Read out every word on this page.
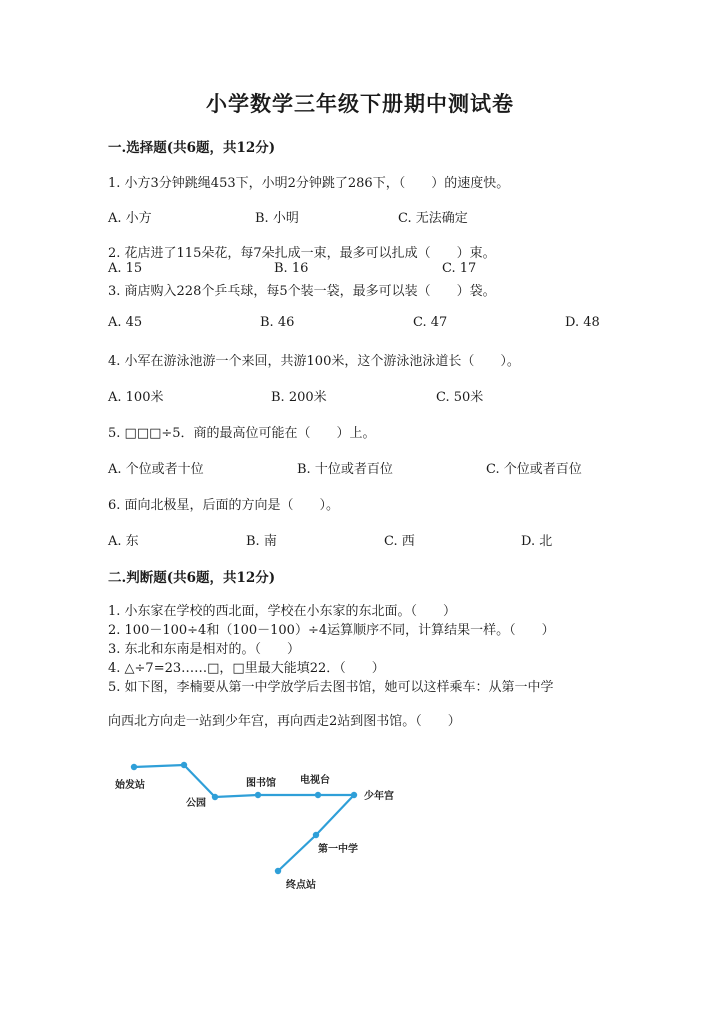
小学数学三年级下册期中测试卷
一.选择题(共6题，共12分)
1. 小方3分钟跳绳453下，小明2分钟跳了286下，（　　）的速度快。
A. 小方	B. 小明	C. 无法确定
2. 花店进了115朵花，每7朵扎成一束，最多可以扎成（　　）束。
A. 15	B. 16	C. 17
3. 商店购入228个乒乓球，每5个装一袋，最多可以装（　　）袋。
A. 45	B. 46	C. 47	D. 48
4. 小军在游泳池游一个来回，共游100米，这个游泳池泳道长（　　）。
A. 100米	B. 200米	C. 50米
5. □□□÷5．商的最高位可能在（　　）上。
A. 个位或者十位	B. 十位或者百位	C. 个位或者百位
6. 面向北极星，后面的方向是（　　）。
A. 东	B. 南	C. 西	D. 北
二.判断题(共6题，共12分)
1. 小东家在学校的西北面，学校在小东家的东北面。（　　）
2. 100－100÷4和（100－100）÷4运算顺序不同，计算结果一样。（　　）
3. 东北和东南是相对的。（　　）
4. △÷7=23……□，□里最大能填22．（　　）
5. 如下图，李楠要从第一中学放学后去图书馆，她可以这样乘车：从第一中学
向西北方向走一站到少年宫，再向西走2站到图书馆。（　　）
始发站
公园
图书馆 电视台
少年宫
第一中学
终点站
